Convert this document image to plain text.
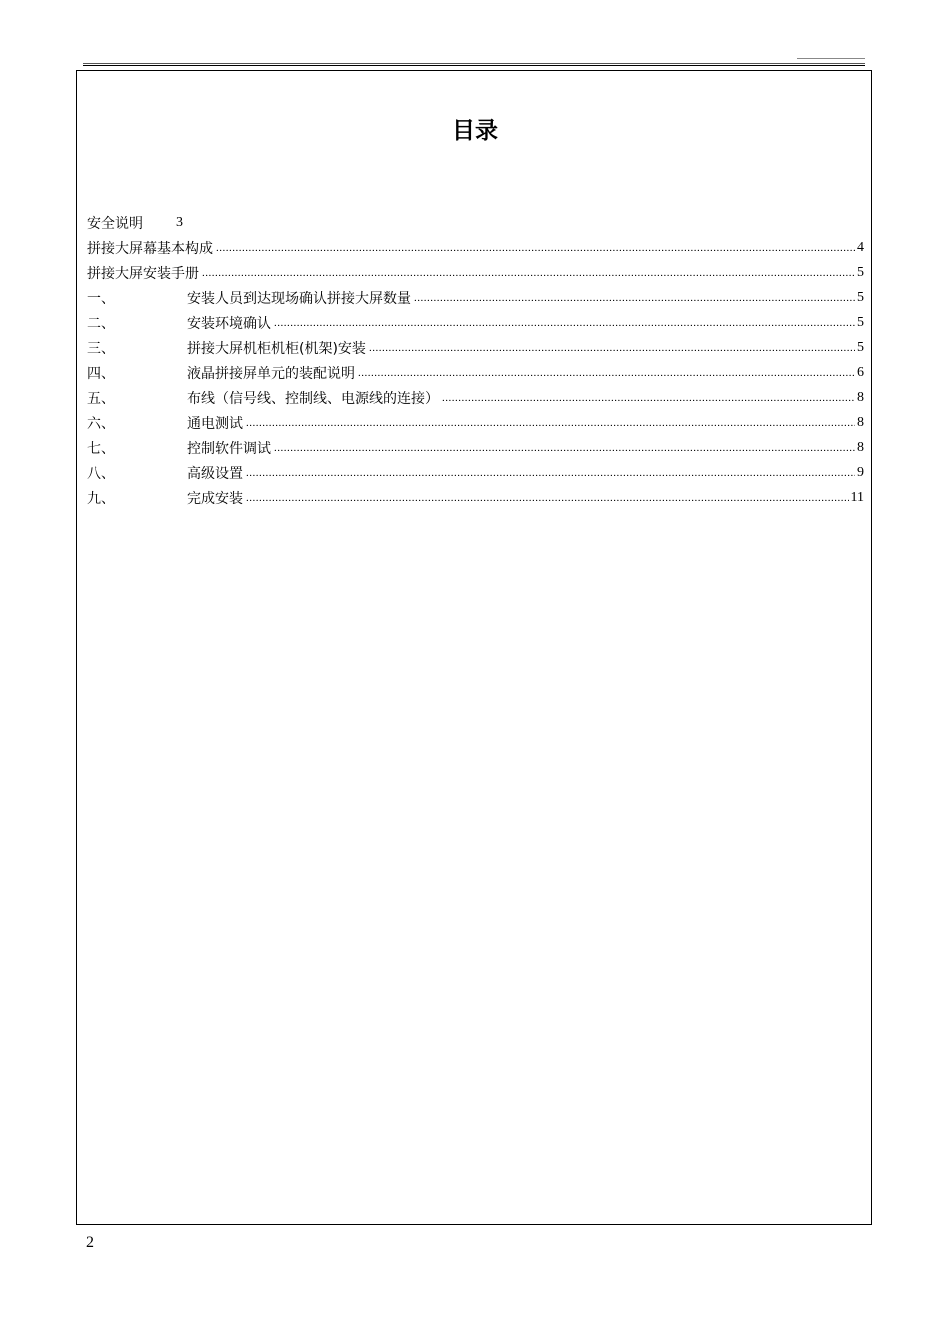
目录
安全说明 3
拼接大屏幕基本构成 .....	4
拼接大屏安装手册 .....	5
一、	安装人员到达现场确认拼接大屏数量 .....	5
二、	安装环境确认 .....	5
三、	拼接大屏机柜机柜(机架)安装 .....	5
四、	液晶拼接屏单元的装配说明 .....	6
五、	布线（信号线、控制线、电源线的连接） .....	8
六、	通电测试 .....	8
七、	控制软件调试 .....	8
八、	高级设置 .....	9
九、	完成安装 .....	11
2
